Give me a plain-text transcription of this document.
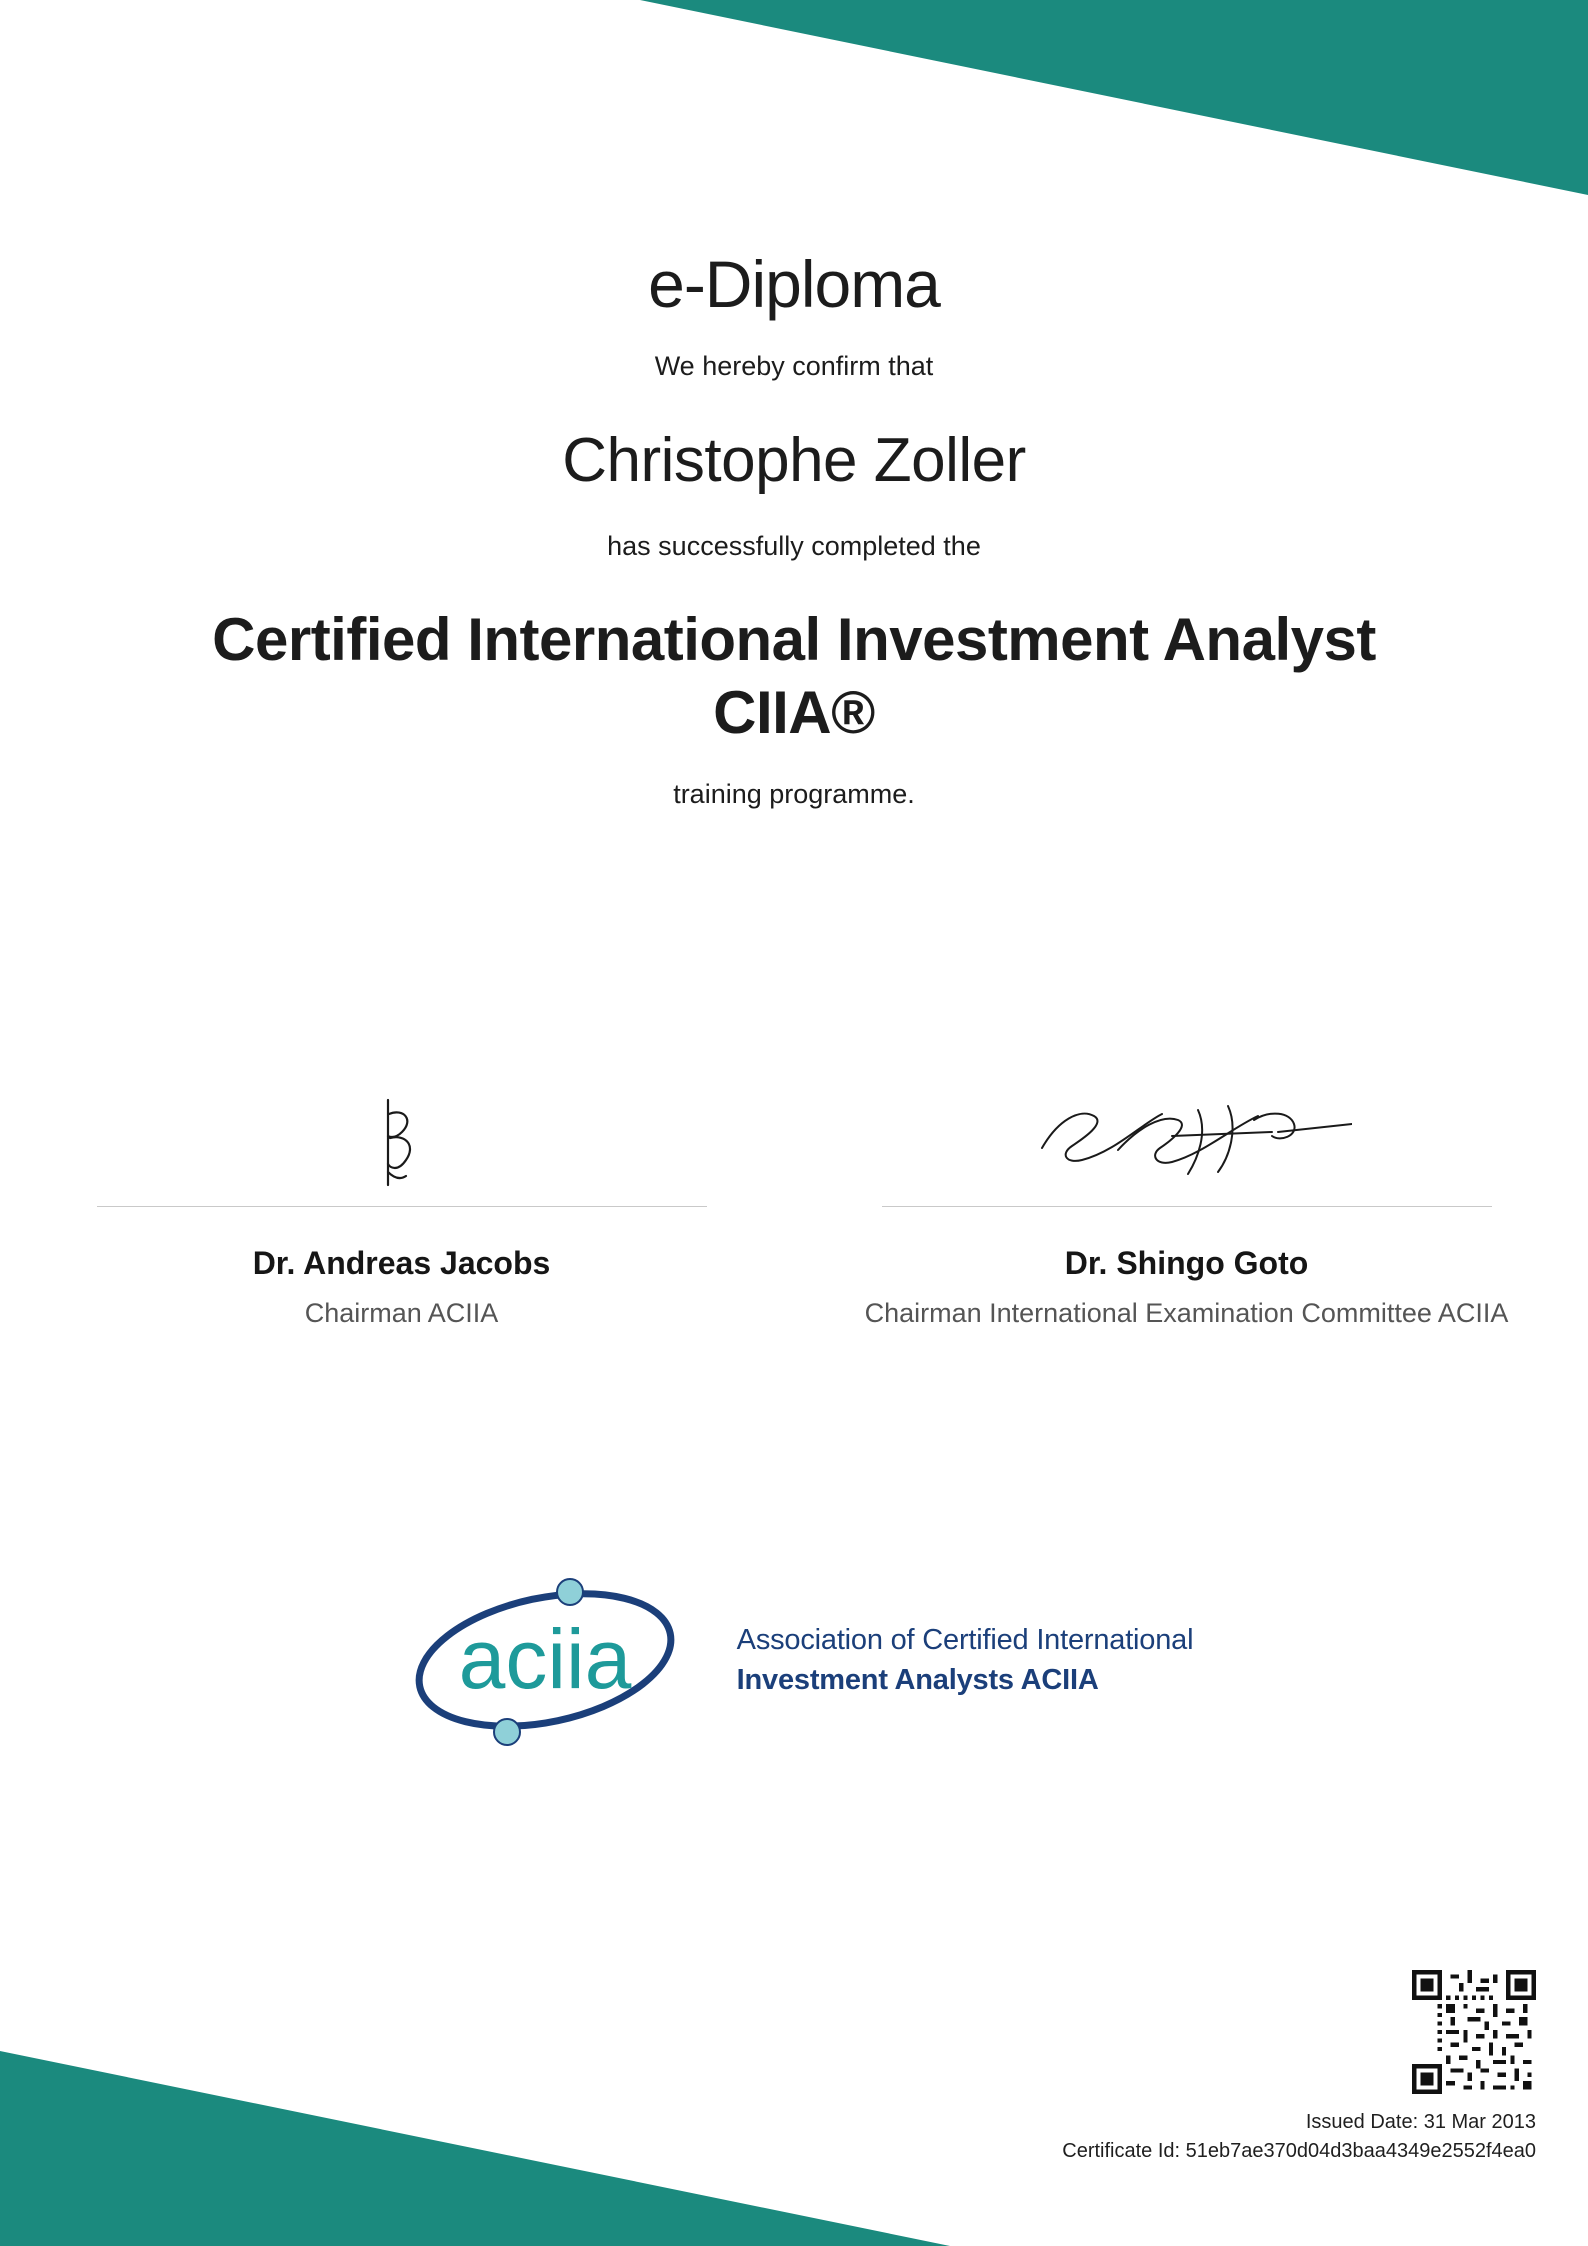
e-Diploma

We hereby confirm that

Christophe Zoller

has successfully completed the

Certified International Investment Analyst CIIA®

training programme.

Dr. Andreas Jacobs
Chairman ACIIA
Dr. Shingo Goto
Chairman International Examination Committee ACIIA
aciia	Association of Certified International
Investment Analysts ACIIA
Issued Date: 31 Mar 2013
Certificate Id: 51eb7ae370d04d3baa4349e2552f4ea0
